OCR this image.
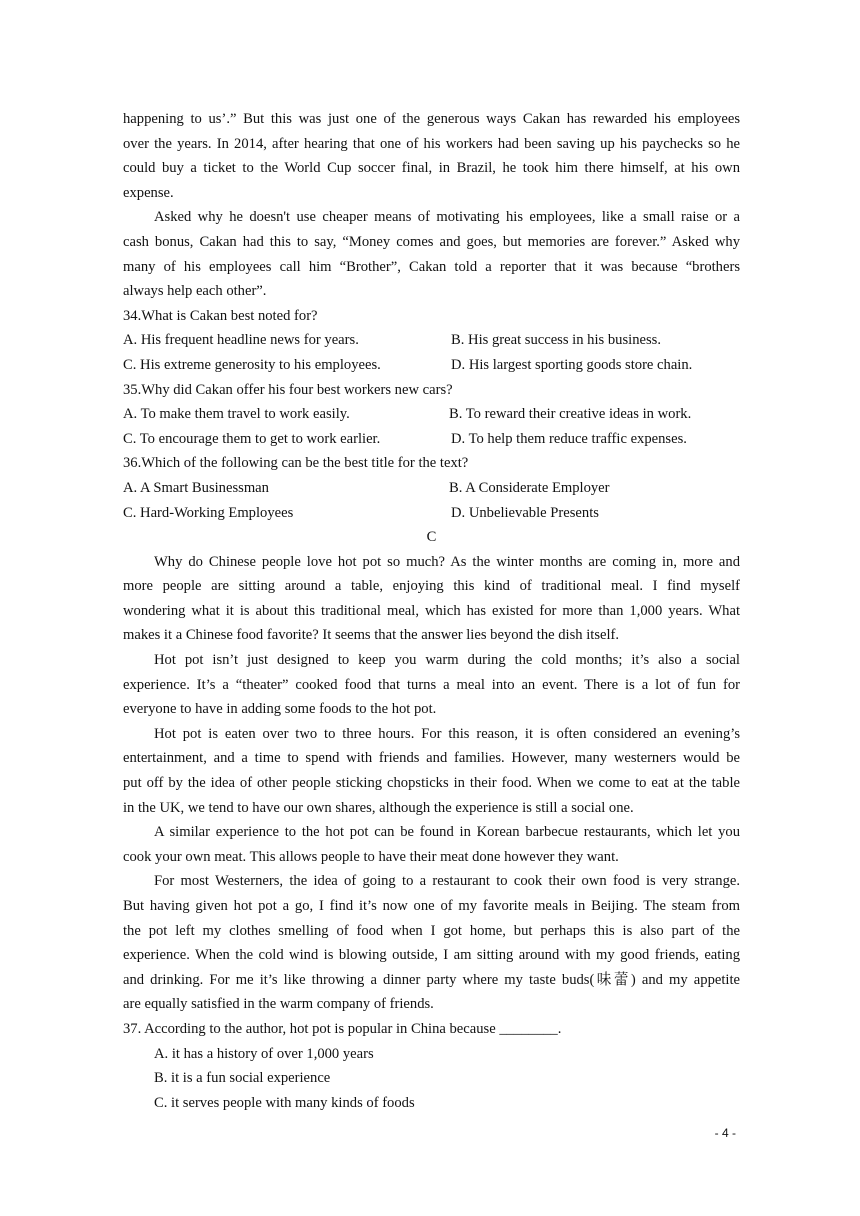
happening to us’.” But this was just one of the generous ways Cakan has rewarded his employees
over the years. In 2014, after hearing that one of his workers had been saving up his paychecks so he
could buy a ticket to the World Cup soccer final, in Brazil, he took him there himself, at his own
expense.
Asked why he doesn't use cheaper means of motivating his employees, like a small raise or a
cash bonus, Cakan had this to say, “Money comes and goes, but memories are forever.” Asked why
many of his employees call him “Brother”, Cakan told a reporter that it was because “brothers
always help each other”.
34.What is Cakan best noted for?
A. His frequent headline news for years.	B. His great success in his business.
C. His extreme generosity to his employees.	D. His largest sporting goods store chain.
35.Why did Cakan offer his four best workers new cars?
A. To make them travel to work easily.	B. To reward their creative ideas in work.
C. To encourage them to get to work earlier.	D. To help them reduce traffic expenses.
36.Which of the following can be the best title for the text?
A. A Smart Businessman	B. A Considerate Employer
C. Hard-Working Employees	D. Unbelievable Presents
C
Why do Chinese people love hot pot so much? As the winter months are coming in, more and
more people are sitting around a table, enjoying this kind of traditional meal. I find myself
wondering what it is about this traditional meal, which has existed for more than 1,000 years. What
makes it a Chinese food favorite? It seems that the answer lies beyond the dish itself.
Hot pot isn’t just designed to keep you warm during the cold months; it’s also a social
experience. It’s a “theater” cooked food that turns a meal into an event. There is a lot of fun for
everyone to have in adding some foods to the hot pot.
Hot pot is eaten over two to three hours. For this reason, it is often considered an evening’s
entertainment, and a time to spend with friends and families. However, many westerners would be
put off by the idea of other people sticking chopsticks in their food. When we come to eat at the table
in the UK, we tend to have our own shares, although the experience is still a social one.
A similar experience to the hot pot can be found in Korean barbecue restaurants, which let you
cook your own meat. This allows people to have their meat done however they want.
For most Westerners, the idea of going to a restaurant to cook their own food is very strange.
But having given hot pot a go, I find it’s now one of my favorite meals in Beijing. The steam from
the pot left my clothes smelling of food when I got home, but perhaps this is also part of the
experience. When the cold wind is blowing outside, I am sitting around with my good friends, eating
and drinking. For me it’s like throwing a dinner party where my taste buds(味蕾) and my appetite
are equally satisfied in the warm company of friends.
37. According to the author, hot pot is popular in China because ________.
A. it has a history of over 1,000 years
B. it is a fun social experience
C. it serves people with many kinds of foods
- 4 -
